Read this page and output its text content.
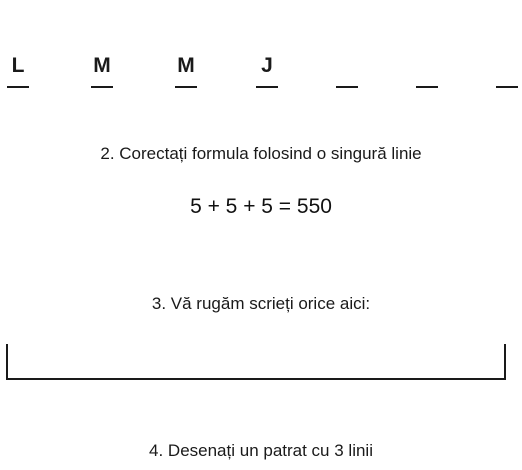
L	M	M	J
2. Corectați formula folosind o singură linie
5 + 5 + 5 = 550
3. Vă rugăm scrieți orice aici:
4. Desenați un patrat cu 3 linii
